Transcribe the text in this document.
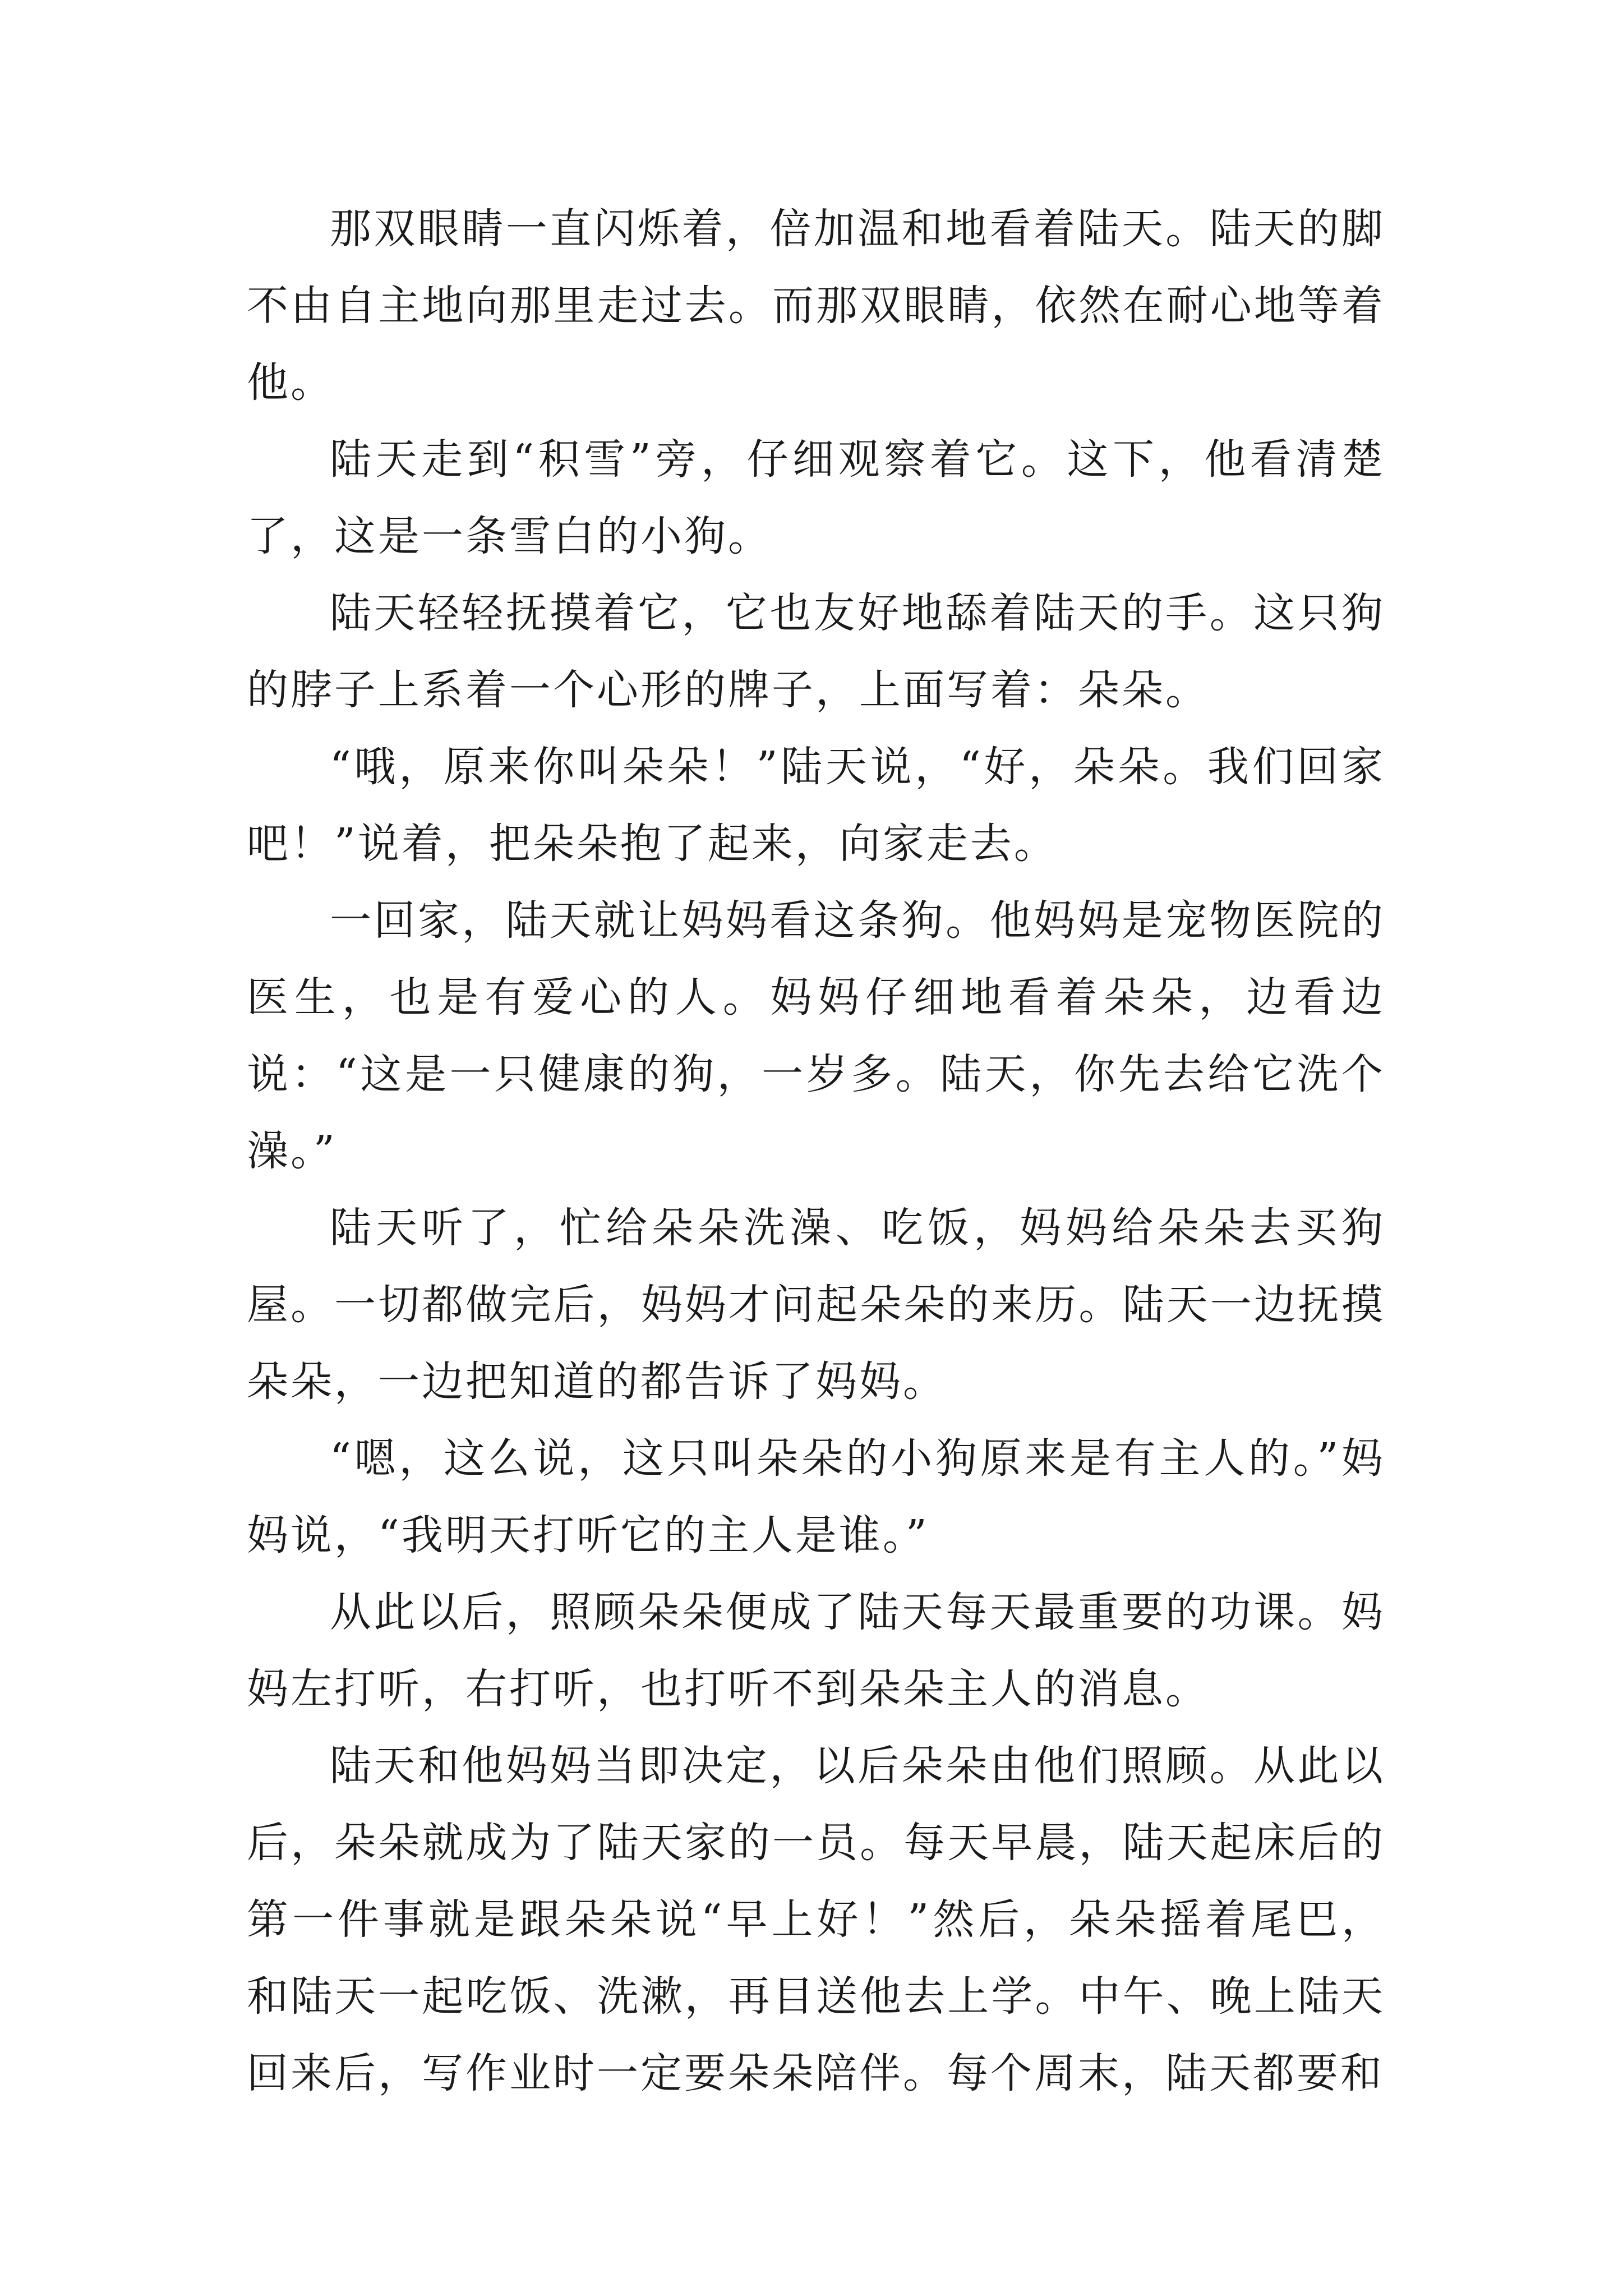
那双眼睛一直闪烁着，倍加温和地看着陆天。陆天的脚不由自主地向那里走过去。而那双眼睛，依然在耐心地等着他。

陆天走到“积雪”旁，仔细观察着它。这下，他看清楚了，这是一条雪白的小狗。

陆天轻轻抚摸着它，它也友好地舔着陆天的手。这只狗的脖子上系着一个心形的牌子，上面写着：朵朵。

“哦，原来你叫朵朵！”陆天说，“好，朵朵。我们回家吧！”说着，把朵朵抱了起来，向家走去。

一回家，陆天就让妈妈看这条狗。他妈妈是宠物医院的医生，也是有爱心的人。妈妈仔细地看着朵朵，边看边说：“这是一只健康的狗，一岁多。陆天，你先去给它洗个澡。”

陆天听了，忙给朵朵洗澡、吃饭，妈妈给朵朵去买狗屋。一切都做完后，妈妈才问起朵朵的来历。陆天一边抚摸朵朵，一边把知道的都告诉了妈妈。

“嗯，这么说，这只叫朵朵的小狗原来是有主人的。”妈妈说，“我明天打听它的主人是谁。”

从此以后，照顾朵朵便成了陆天每天最重要的功课。妈妈左打听，右打听，也打听不到朵朵主人的消息。

陆天和他妈妈当即决定，以后朵朵由他们照顾。从此以后，朵朵就成为了陆天家的一员。每天早晨，陆天起床后的第一件事就是跟朵朵说“早上好！”然后，朵朵摇着尾巴，和陆天一起吃饭、洗漱，再目送他去上学。中午、晚上陆天回来后，写作业时一定要朵朵陪伴。每个周末，陆天都要和
